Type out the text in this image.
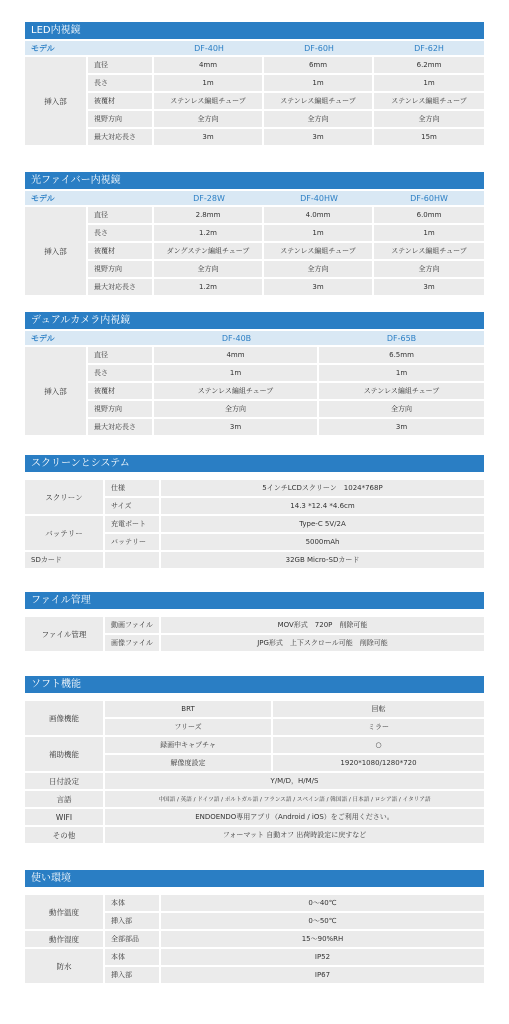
LED内視鏡
モデル		DF-40H	DF-60H	DF-62H
挿入部	直径	4mm	6mm	6.2mm
	長さ	1m	1m	1m
	被覆材	ステンレス編組チューブ	ステンレス編組チューブ	ステンレス編組チューブ
	視野方向	全方向	全方向	全方向
	最大対応長さ	3m	3m	15m
光ファイバー内視鏡
モデル		DF-28W	DF-40HW	DF-60HW
挿入部	直径	2.8mm	4.0mm	6.0mm
	長さ	1.2m	1m	1m
	被覆材	ダングステン編組チューブ	ステンレス編組チューブ	ステンレス編組チューブ
	視野方向	全方向	全方向	全方向
	最大対応長さ	1.2m	3m	3m
デュアルカメラ内視鏡
モデル		DF-40B	DF-65B
挿入部	直径	4mm	6.5mm
	長さ	1m	1m
	被覆材	ステンレス編組チューブ	ステンレス編組チューブ
	視野方向	全方向	全方向
	最大対応長さ	3m	3m
スクリーンとシステム
スクリーン	仕様	5インチLCDスクリーン　1024*768P
	サイズ	14.3 *12.4 *4.6cm
バッテリー	充電ポート	Type-C 5V/2A
	バッテリー	5000mAh
SDカード		32GB Micro-SDカード
ファイル管理
ファイル管理	動画ファイル	MOV形式　720P　削除可能
	画像ファイル	JPG形式　上下スクロール可能　削除可能
ソフト機能
画像機能	BRT	回転
	フリーズ	ミラー
補助機能	録画中キャプチャ	○
	解像度設定	1920*1080/1280*720
日付設定	Y/M/D，H/M/S	
言語	中国語 / 英語 / ドイツ語 / ポルトガル語 / フランス語 / スペイン語 / 韓国語 / 日本語 / ロシア語 / イタリア語	
WIFI	ENDOENDO専用アプリ（Android / iOS）をご利用ください。	
その他	フォーマット 自動オフ 出荷時設定に戻すなど	
使い環境
動作温度	本体	0～40℃
	挿入部	0～50℃
動作湿度	全部部品	15～90%RH
防水	本体	IP52
	挿入部	IP67
